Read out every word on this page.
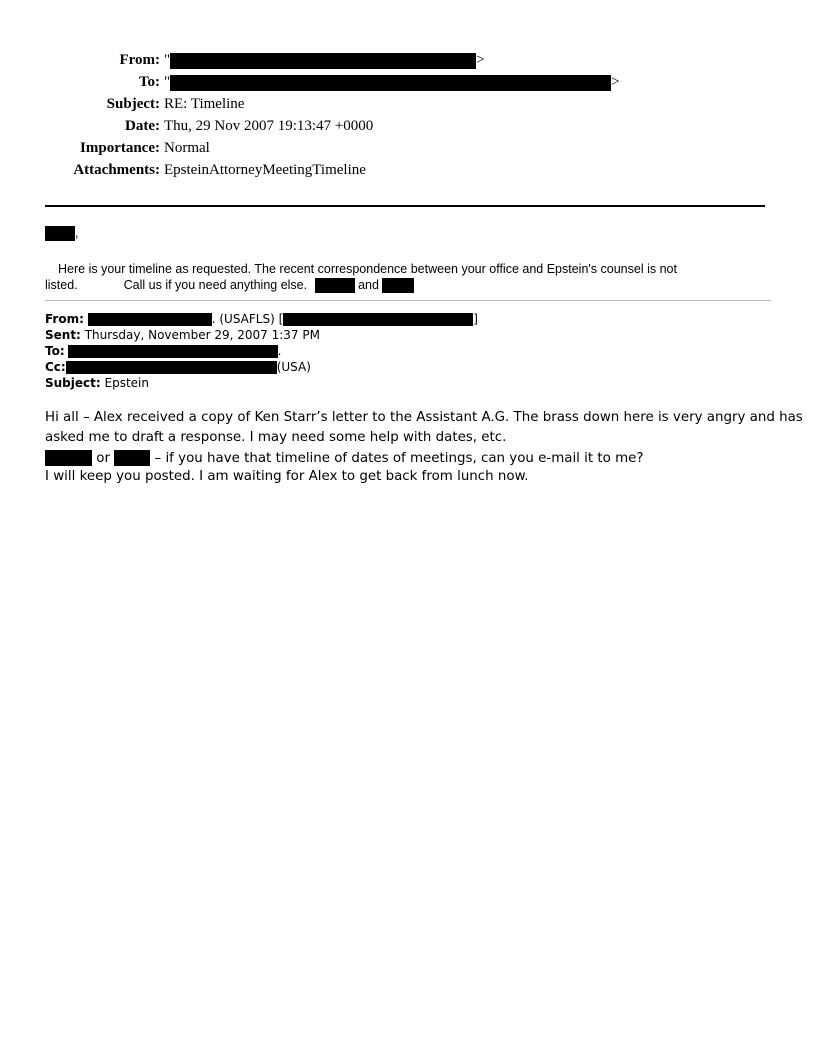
From: "	>
To: "	>
Subject: RE: Timeline
Date: Thu, 29 Nov 2007 19:13:47 +0000
Importance: Normal
Attachments: EpsteinAttorneyMeetingTimeline
,
Here is your timeline as requested. The recent correspondence between your office and Epstein's counsel is not
listed.	Call us if you need anything else.	and
From:	. (USAFLS) [	]
Sent: Thursday, November 29, 2007 1:37 PM
To:	.
Cc:	(USA)
Subject: Epstein
Hi all – Alex received a copy of Ken Starr’s letter to the Assistant A.G. The brass down here is very angry and has
asked me to draft a response. I may need some help with dates, etc.
or	– if you have that timeline of dates of meetings, can you e-mail it to me?
I will keep you posted. I am waiting for Alex to get back from lunch now.
